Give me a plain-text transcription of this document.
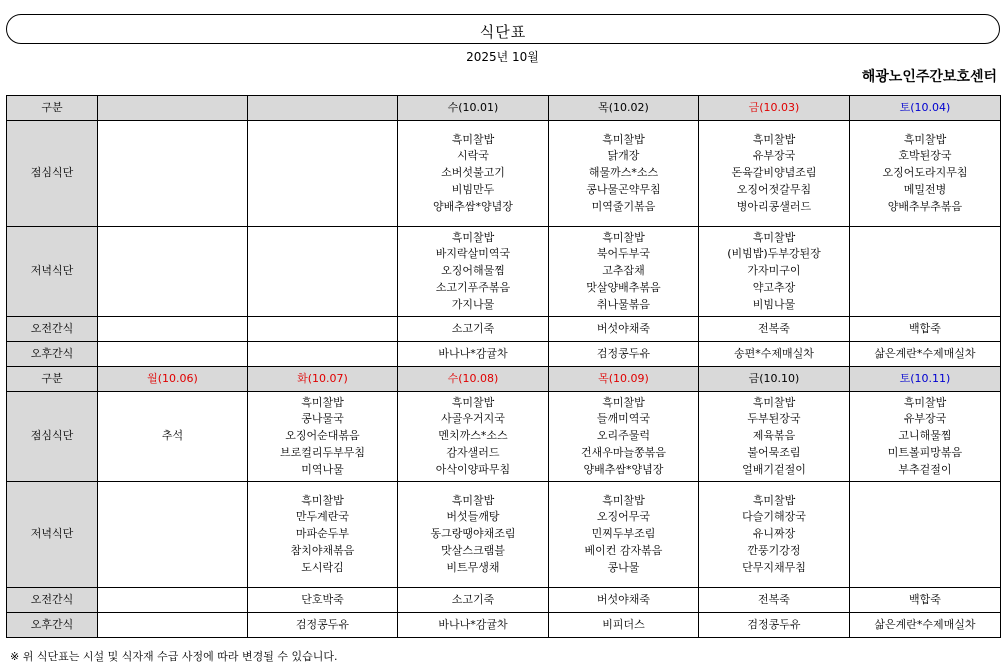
식단표
2025년 10월
해광노인주간보호센터
구분			수(10.01)	목(10.02)	금(10.03)	토(10.04)
점심식단			흑미찰밥
시락국
소버섯불고기
비빔만두
양배추쌈*양념장	흑미찰밥
닭개장
해물까스*소스
콩나물곤약무침
미역줄기볶음	흑미찰밥
유부장국
돈육갈비양념조림
오징어젓갈무침
병아리콩샐러드	흑미찰밥
호박된장국
오징어도라지무침
메밀전병
양배추부추볶음

저녁식단			흑미찰밥
바지락살미역국
오징어해물찜
소고기푸주볶음
가지나물	흑미찰밥
북어두부국
고추잡채
맛살양배추볶음
취나물볶음	흑미찰밥
(비빔밥)두부강된장
가자미구이
약고추장
비빔나물	

오전간식			소고기죽	버섯야채죽	전복죽	백합죽
오후간식			바나나*감귤차	검정콩두유	송편*수제매실차	삶은계란*수제매실차
구분	월(10.06)	화(10.07)	수(10.08)	목(10.09)	금(10.10)	토(10.11)
점심식단	추석	흑미찰밥
콩나물국
오징어순대볶음
브로컬리두부무침
미역나물	흑미찰밥
사골우거지국
멘치까스*소스
감자샐러드
아삭이양파무침	흑미찰밥
들깨미역국
오리주물럭
건새우마늘쫑볶음
양배추쌈*양념장	흑미찰밥
두부된장국
제육볶음
불어묵조림
얼배기겉절이	흑미찰밥
유부장국
고니해물찜
미트볼피망볶음
부추겉절이

저녁식단		흑미찰밥
만두계란국
마파순두부
참치야채볶음
도시락김	흑미찰밥
버섯들깨탕
동그랑땡야채조림
맛살스크램블
비트무생채	흑미찰밥
오징어무국
민찌두부조림
베이컨 감자볶음
콩나물	흑미찰밥
다슬기해장국
유니짜장
깐풍기강정
단무지채무침	

오전간식		단호박죽	소고기죽	버섯야채죽	전복죽	백합죽
오후간식		검정콩두유	바나나*감귤차	비피더스	검정콩두유	삶은계란*수제매실차
※ 위 식단표는 시설 및 식자재 수급 사정에 따라 변경될 수 있습니다.
